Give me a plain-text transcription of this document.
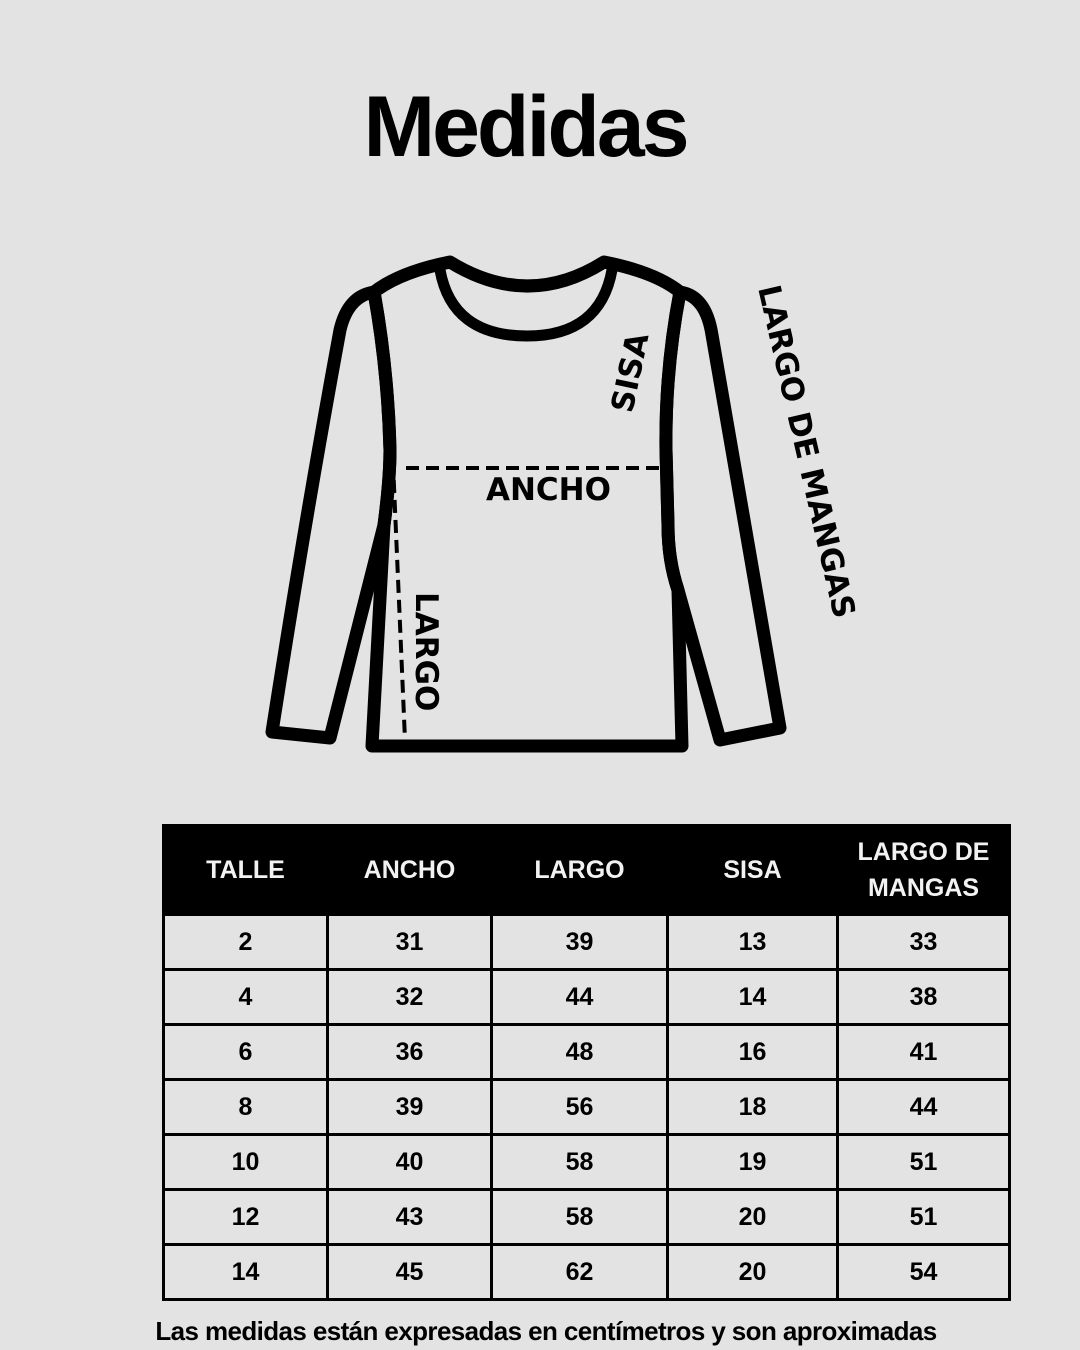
Medidas
SISA
ANCHO
LARGO
LARGO DE MANGAS
TALLE	ANCHO	LARGO	SISA	LARGO DE MANGAS
2	31	39	13	33
4	32	44	14	38
6	36	48	16	41
8	39	56	18	44
10	40	58	19	51
12	43	58	20	51
14	45	62	20	54

Las medidas están expresadas en centímetros y son aproximadas
